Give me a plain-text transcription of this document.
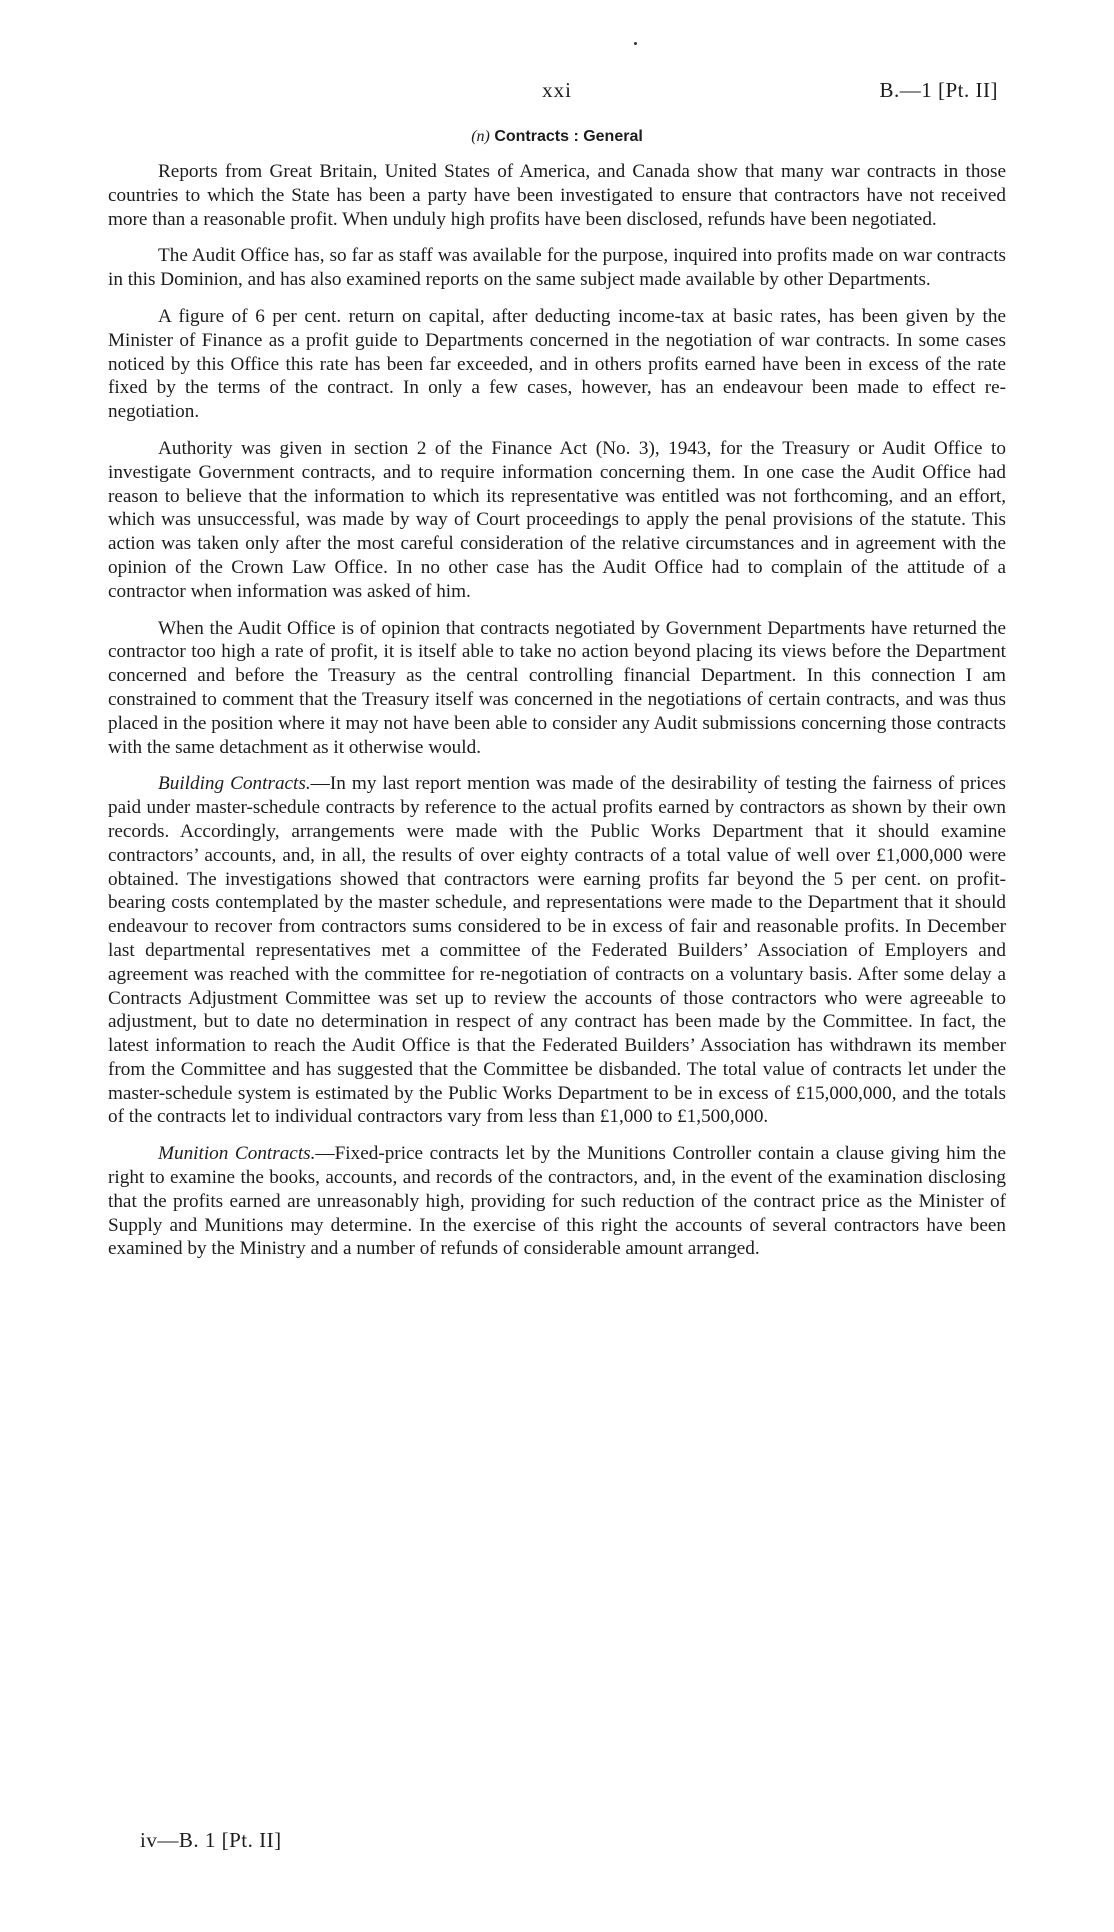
xxi	B.—1 [Pt. II]
(n) Contracts : General

Reports from Great Britain, United States of America, and Canada show that many war contracts in those countries to which the State has been a party have been investigated to ensure that contractors have not received more than a reasonable profit. When unduly high profits have been disclosed, refunds have been negotiated.

The Audit Office has, so far as staff was available for the purpose, inquired into profits made on war contracts in this Dominion, and has also examined reports on the same subject made available by other Departments.

A figure of 6 per cent. return on capital, after deducting income-tax at basic rates, has been given by the Minister of Finance as a profit guide to Departments concerned in the negotiation of war contracts. In some cases noticed by this Office this rate has been far exceeded, and in others profits earned have been in excess of the rate fixed by the terms of the contract. In only a few cases, however, has an endeavour been made to effect re-negotiation.

Authority was given in section 2 of the Finance Act (No. 3), 1943, for the Treasury or Audit Office to investigate Government contracts, and to require information concerning them. In one case the Audit Office had reason to believe that the information to which its representative was entitled was not forthcoming, and an effort, which was unsuccessful, was made by way of Court proceedings to apply the penal provisions of the statute. This action was taken only after the most careful consideration of the relative circumstances and in agreement with the opinion of the Crown Law Office. In no other case has the Audit Office had to complain of the attitude of a contractor when information was asked of him.

When the Audit Office is of opinion that contracts negotiated by Government Departments have returned the contractor too high a rate of profit, it is itself able to take no action beyond placing its views before the Department concerned and before the Treasury as the central controlling financial Department. In this connection I am constrained to comment that the Treasury itself was concerned in the negotiations of certain contracts, and was thus placed in the position where it may not have been able to consider any Audit submissions concerning those contracts with the same detachment as it otherwise would.

Building Contracts.—In my last report mention was made of the desirability of testing the fairness of prices paid under master-schedule contracts by reference to the actual profits earned by contractors as shown by their own records. Accordingly, arrangements were made with the Public Works Department that it should examine contractors’ accounts, and, in all, the results of over eighty contracts of a total value of well over £1,000,000 were obtained. The investigations showed that contractors were earning profits far beyond the 5 per cent. on profit-bearing costs contemplated by the master schedule, and representations were made to the Department that it should endeavour to recover from contractors sums considered to be in excess of fair and reasonable profits. In December last departmental representatives met a committee of the Federated Builders’ Association of Employers and agreement was reached with the committee for re-negotiation of contracts on a voluntary basis. After some delay a Contracts Adjustment Committee was set up to review the accounts of those contractors who were agreeable to adjustment, but to date no determination in respect of any contract has been made by the Committee. In fact, the latest information to reach the Audit Office is that the Federated Builders’ Association has withdrawn its member from the Committee and has suggested that the Committee be disbanded. The total value of contracts let under the master-schedule system is estimated by the Public Works Department to be in excess of £15,000,000, and the totals of the contracts let to individual contractors vary from less than £1,000 to £1,500,000.

Munition Contracts.—Fixed-price contracts let by the Munitions Controller contain a clause giving him the right to examine the books, accounts, and records of the contractors, and, in the event of the examination disclosing that the profits earned are unreasonably high, providing for such reduction of the contract price as the Minister of Supply and Munitions may determine. In the exercise of this right the accounts of several contractors have been examined by the Ministry and a number of refunds of considerable amount arranged.

iv—B. 1 [Pt. II]
